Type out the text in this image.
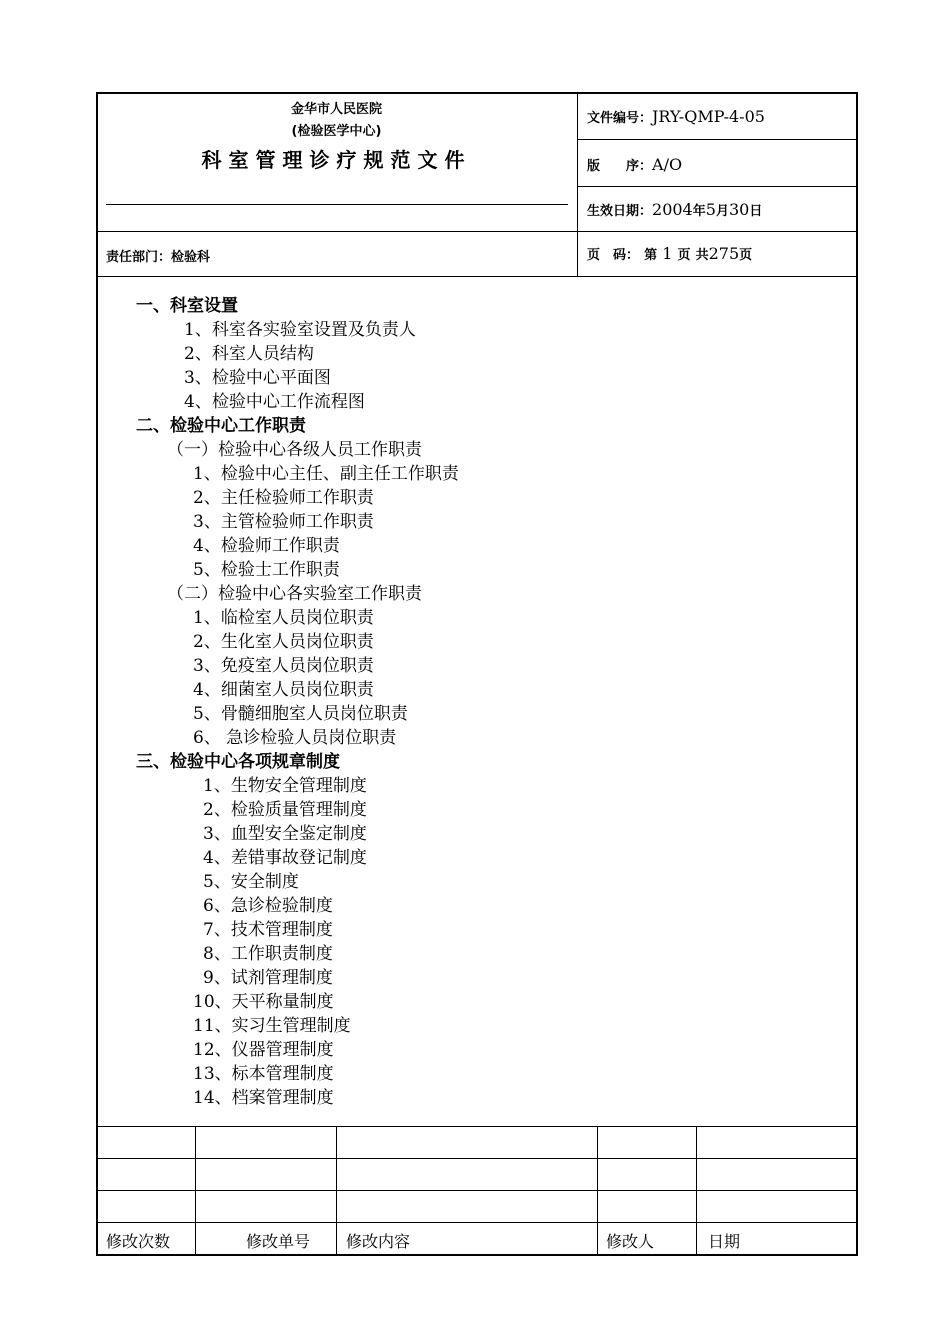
金华市人民医院
(检验医学中心)
科室管理诊疗规范文件
文件编号：JRY-QMP-4-05
版　　序：A/O
生效日期：2004年5月30日
责任部门：检验科	页　码： 第 1 页 共275页
一、科室设置
1、科室各实验室设置及负责人
2、科室人员结构
3、检验中心平面图
4、检验中心工作流程图
二、检验中心工作职责
（一）检验中心各级人员工作职责
1、检验中心主任、副主任工作职责
2、主任检验师工作职责
3、主管检验师工作职责
4、检验师工作职责
5、检验士工作职责
（二）检验中心各实验室工作职责
1、临检室人员岗位职责
2、生化室人员岗位职责
3、免疫室人员岗位职责
4、细菌室人员岗位职责
5、骨髓细胞室人员岗位职责
6、 急诊检验人员岗位职责
三、检验中心各项规章制度
1、生物安全管理制度
2、检验质量管理制度
3、血型安全鉴定制度
4、差错事故登记制度
5、安全制度
6、急诊检验制度
7、技术管理制度
8、工作职责制度
9、试剂管理制度
10、天平称量制度
11、实习生管理制度
12、仪器管理制度
13、标本管理制度
14、档案管理制度
修改次数	修改单号 修改内容	修改人	日期
